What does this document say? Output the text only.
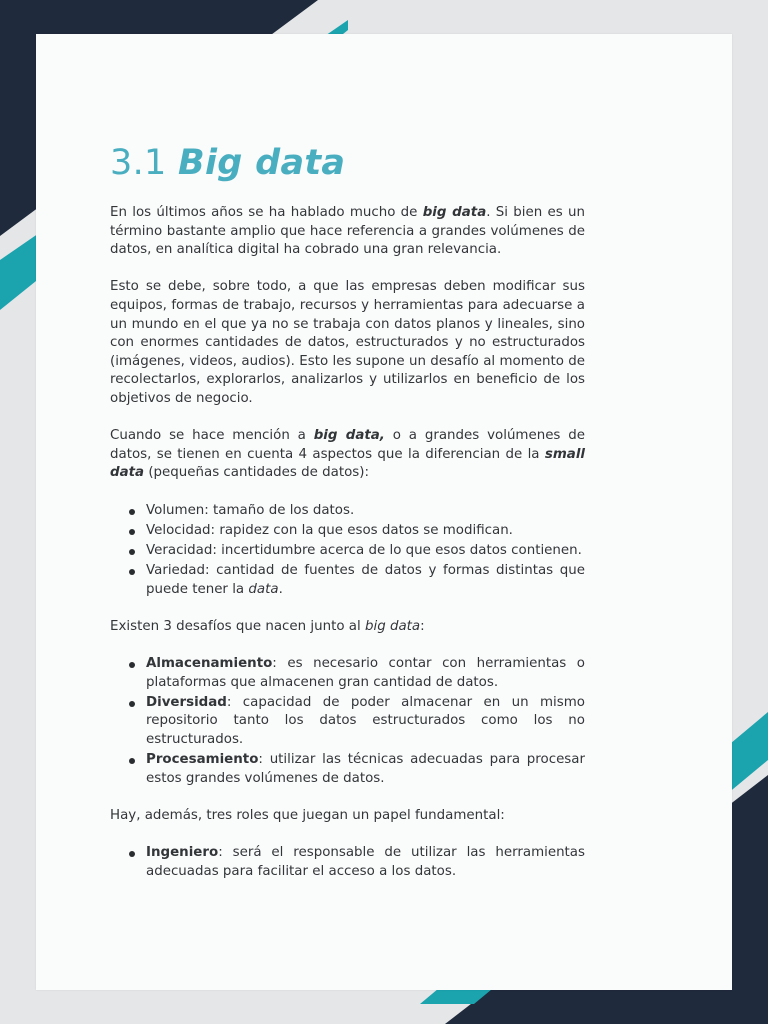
3.1 Big data

En los últimos años se ha hablado mucho de big data. Si bien es un término bastante amplio que hace referencia a grandes volúmenes de datos, en analítica digital ha cobrado una gran relevancia.

Esto se debe, sobre todo, a que las empresas deben modificar sus equipos, formas de trabajo, recursos y herramientas para adecuarse a un mundo en el que ya no se trabaja con datos planos y lineales, sino con enormes cantidades de datos, estructurados y no estructurados (imágenes, videos, audios). Esto les supone un desafío al momento de recolectarlos, explorarlos, analizarlos y utilizarlos en beneficio de los objetivos de negocio.

Cuando se hace mención a big data, o a grandes volúmenes de datos, se tienen en cuenta 4 aspectos que la diferencian de la small data (pequeñas cantidades de datos):

Volumen: tamaño de los datos.
Velocidad: rapidez con la que esos datos se modifican.
Veracidad: incertidumbre acerca de lo que esos datos contienen.
Variedad: cantidad de fuentes de datos y formas distintas que puede tener la data.

Existen 3 desafíos que nacen junto al big data:

Almacenamiento: es necesario contar con herramientas o plataformas que almacenen gran cantidad de datos.
Diversidad: capacidad de poder almacenar en un mismo repositorio tanto los datos estructurados como los no estructurados.
Procesamiento: utilizar las técnicas adecuadas para procesar estos grandes volúmenes de datos.

Hay, además, tres roles que juegan un papel fundamental:

Ingeniero: será el responsable de utilizar las herramientas adecuadas para facilitar el acceso a los datos.
